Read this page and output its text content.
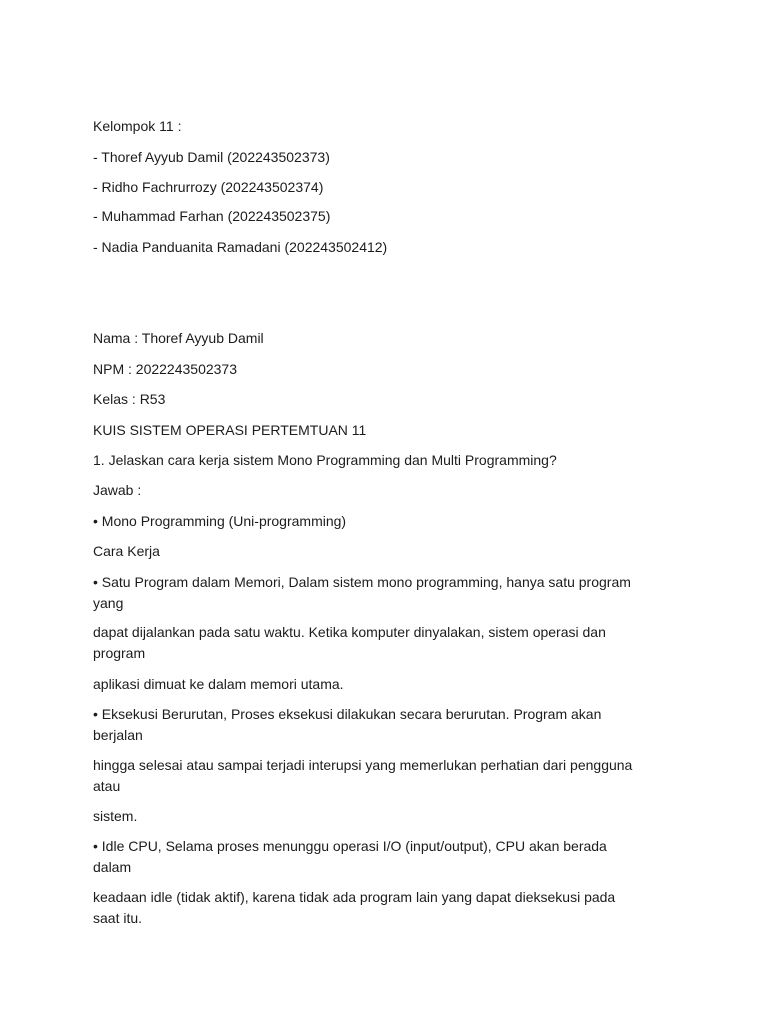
Kelompok 11 :

- Thoref Ayyub Damil (202243502373)

- Ridho Fachrurrozy (202243502374)

- Muhammad Farhan (202243502375)

- Nadia Panduanita Ramadani (202243502412)

Nama : Thoref Ayyub Damil

NPM : 2022243502373

Kelas : R53

KUIS SISTEM OPERASI PERTEMTUAN 11

1. Jelaskan cara kerja sistem Mono Programming dan Multi Programming?

Jawab :

• Mono Programming (Uni-programming)

Cara Kerja

• Satu Program dalam Memori, Dalam sistem mono programming, hanya satu program
yang

dapat dijalankan pada satu waktu. Ketika komputer dinyalakan, sistem operasi dan
program

aplikasi dimuat ke dalam memori utama.

• Eksekusi Berurutan, Proses eksekusi dilakukan secara berurutan. Program akan
berjalan

hingga selesai atau sampai terjadi interupsi yang memerlukan perhatian dari pengguna
atau

sistem.

• Idle CPU, Selama proses menunggu operasi I/O (input/output), CPU akan berada
dalam

keadaan idle (tidak aktif), karena tidak ada program lain yang dapat dieksekusi pada
saat itu.
